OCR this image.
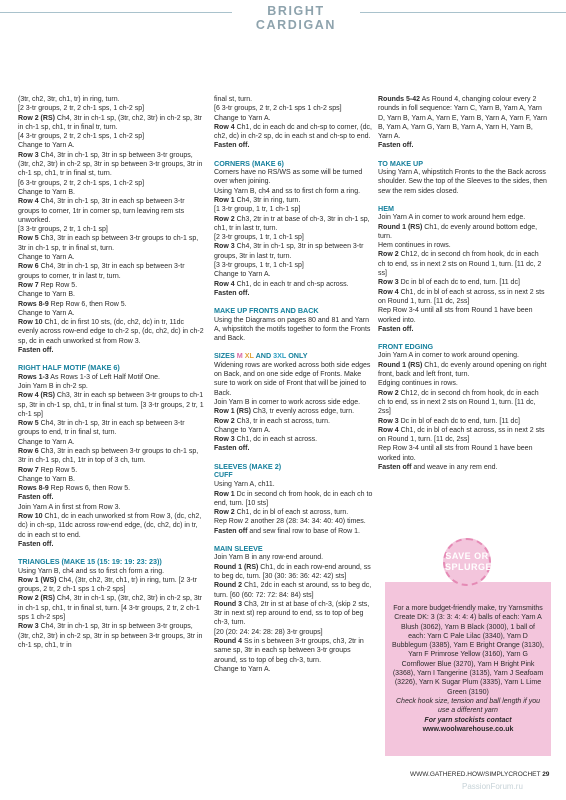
BRIGHT CARDIGAN

(3tr, ch2, 3tr, ch1, tr) in ring, turn.

[2 3-tr groups, 2 tr, 2 ch-1 sps, 1 ch-2 sp]

Row 2 (RS) Ch4, 3tr in ch-1 sp, (3tr, ch2, 3tr) in ch-2 sp, 3tr in ch-1 sp, ch1, tr in final tr, turn.

[4 3-tr groups, 2 tr, 2 ch-1 sps, 1 ch-2 sp]

Change to Yarn A.

Row 3 Ch4, 3tr in ch-1 sp, 3tr in sp between 3-tr groups, (3tr, ch2, 3tr) in ch-2 sp, 3tr in sp between 3-tr groups, 3tr in ch-1 sp, ch1, tr in final st, turn.

[6 3-tr groups, 2 tr, 2 ch-1 sps, 1 ch-2 sp]

Change to Yarn B.

Row 4 Ch4, 3tr in ch-1 sp, 3tr in each sp between 3-tr groups to corner, 1tr in corner sp, turn leaving rem sts unworked.

[3 3-tr groups, 2 tr, 1 ch-1 sp]

Row 5 Ch3, 3tr in each sp between 3-tr groups to ch-1 sp, 3tr in ch-1 sp, tr in final st, turn.

Change to Yarn A.

Row 6 Ch4, 3tr in ch-1 sp, 3tr in each sp between 3-tr groups to corner, tr in last tr, turn.

Row 7 Rep Row 5.

Change to Yarn B.

Rows 8-9 Rep Row 6, then Row 5.

Change to Yarn A.

Row 10 Ch1, dc in first 10 sts, (dc, ch2, dc) in tr, 11dc evenly across row-end edge to ch-2 sp, (dc, ch2, dc) in ch-2 sp, dc in each unworked st from Row 3.

Fasten off.

RIGHT HALF MOTIF (MAKE 6)

Rows 1-3 As Rows 1-3 of Left Half Motif One.

Join Yarn B in ch-2 sp.

Row 4 (RS) Ch3, 3tr in each sp between 3-tr groups to ch-1 sp, 3tr in ch-1 sp, ch1, tr in final st turn. [3 3-tr groups, 2 tr, 1 ch-1 sp]

Row 5 Ch4, 3tr in ch-1 sp, 3tr in each sp between 3-tr groups to end, tr in final st, turn.

Change to Yarn A.

Row 6 Ch3, 3tr in each sp between 3-tr groups to ch-1 sp, 3tr in ch-1 sp, ch1, 1tr in top of 3 ch, turn.

Row 7 Rep Row 5.

Change to Yarn B.

Rows 8-9 Rep Rows 6, then Row 5.

Fasten off.

Join Yarn A in first st from Row 3.

Row 10 Ch1, dc in each unworked st from Row 3, (dc, ch2, dc) in ch-sp, 11dc across row-end edge, (dc, ch2, dc) in tr, dc in each st to end.

Fasten off.

TRIANGLES (MAKE 15 (15: 19: 19: 23: 23))

Using Yarn B, ch4 and ss to first ch form a ring.

Row 1 (WS) Ch4, (3tr, ch2, 3tr, ch1, tr) in ring, turn. [2 3-tr groups, 2 tr, 2 ch-1 sps 1 ch-2 sps]

Row 2 (RS) Ch4, 3tr in ch-1 sp, (3tr, ch2, 3tr) in ch-2 sp, 3tr in ch-1 sp, ch1, tr in final st, turn. [4 3-tr groups, 2 tr, 2 ch-1 sps 1 ch-2 sps]

Row 3 Ch4, 3tr in ch-1 sp, 3tr in sp between 3-tr groups, (3tr, ch2, 3tr) in ch-2 sp, 3tr in sp between 3-tr groups, 3tr in ch-1 sp, ch1, tr in

final st, turn.

[6 3-tr groups, 2 tr, 2 ch-1 sps 1 ch-2 sps]

Change to Yarn A.

Row 4 Ch1, dc in each dc and ch-sp to corner, (dc, ch2, dc) in ch-2 sp, dc in each st and ch-sp to end.

Fasten off.

CORNERS (MAKE 6)

Corners have no RS/WS as some will be turned over when joining.

Using Yarn B, ch4 and ss to first ch form a ring.

Row 1 Ch4, 3tr in ring, turn.

[1 3-tr group, 1 tr, 1 ch-1 sp]

Row 2 Ch3, 2tr in tr at base of ch-3, 3tr in ch-1 sp, ch1, tr in last tr, turn.

[2 3-tr groups, 1 tr, 1 ch-1 sp]

Row 3 Ch4, 3tr in ch-1 sp, 3tr in sp between 3-tr groups, 3tr in last tr, turn.

[3 3-tr groups, 1 tr, 1 ch-1 sp]

Change to Yarn A.

Row 4 Ch1, dc in each tr and ch-sp across.

Fasten off.

MAKE UP FRONTS AND BACK

Using the Diagrams on pages 80 and 81 and Yarn A, whipstitch the motifs together to form the Fronts and Back.

SIZES M XL AND 3XL ONLY

Widening rows are worked across both side edges on Back, and on one side edge of Fronts. Make sure to work on side of Front that will be joined to Back.

Join Yarn B in corner to work across side edge.

Row 1 (RS) Ch3, tr evenly across edge, turn.

Row 2 Ch3, tr in each st across, turn.

Change to Yarn A.

Row 3 Ch1, dc in each st across.

Fasten off.

SLEEVES (MAKE 2)

CUFF

Using Yarn A, ch11.

Row 1 Dc in second ch from hook, dc in each ch to end, turn. [10 sts]

Row 2 Ch1, dc in bl of each st across, turn.

Rep Row 2 another 28 (28: 34: 34: 40: 40) times.

Fasten off and sew final row to base of Row 1.

MAIN SLEEVE

Join Yarn B in any row-end around.

Round 1 (RS) Ch1, dc in each row-end around, ss to beg dc, turn. [30 (30: 36: 36: 42: 42) sts]

Round 2 Ch1, 2dc in each st around, ss to beg dc, turn. [60 (60: 72: 72: 84: 84) sts]

Round 3 Ch3, 2tr in st at base of ch-3, (skip 2 sts, 3tr in next st) rep around to end, ss to top of beg ch-3, turn.

[20 (20: 24: 24: 28: 28) 3-tr groups]

Round 4 Ss in s between 3-tr groups, ch3, 2tr in same sp, 3tr in each sp between 3-tr groups around, ss to top of beg ch-3, turn.

Change to Yarn A.

Rounds 5-42 As Round 4, changing colour every 2 rounds in foll sequence: Yarn C, Yarn B, Yarn A, Yarn D, Yarn B, Yarn A, Yarn E, Yarn B, Yarn A, Yarn F, Yarn B, Yarn A, Yarn G, Yarn B, Yarn A, Yarn H, Yarn B, Yarn A.

Fasten off.

TO MAKE UP

Using Yarn A, whipstitch Fronts to the the Back across shoulder. Sew the top of the Sleeves to the sides, then sew the rem sides closed.

HEM

Join Yarn A in corner to work around hem edge.

Round 1 (RS) Ch1, dc evenly around bottom edge, turn.

Hem continues in rows.

Row 2 Ch12, dc in second ch from hook, dc in each ch to end, ss in next 2 sts on Round 1, turn. [11 dc, 2 ss]

Row 3 Dc in bl of each dc to end, turn. [11 dc]

Row 4 Ch1, dc in bl of each st across, ss in next 2 sts on Round 1, turn. [11 dc, 2ss]

Rep Row 3-4 until all sts from Round 1 have been worked into.

Fasten off.

FRONT EDGING

Join Yarn A in corner to work around opening.

Round 1 (RS) Ch1, dc evenly around opening on right front, back and left front, turn.

Edging continues in rows.

Row 2 Ch12, dc in second ch from hook, dc in each ch to end, ss in next 2 sts on Round 1, turn. [11 dc, 2ss]

Row 3 Dc in bl of each dc to end, turn. [11 dc]

Row 4 Ch1, dc in bl of each st across, ss in next 2 sts on Round 1, turn. [11 dc, 2ss]

Rep Row 3-4 until all sts from Round 1 have been worked into.

Fasten off and weave in any rem end.

SAVE OR
SPLURGE
For a more budget-friendly make, try Yarnsmiths Create DK: 3 (3: 3: 4: 4: 4) balls of each: Yarn A Blush (3062), Yarn B Black (3000), 1 ball of each: Yarn C Pale Lilac (3340), Yarn D Bubblegum (3385), Yarn E Bright Orange (3130), Yarn F Primrose Yellow (3160), Yarn G Cornflower Blue (3270), Yarn H Bright Pink (3368), Yarn I Tangerine (3135), Yarn J Seafoam (3226), Yarn K Sugar Plum (3335), Yarn L Lime Green (3190)
Check hook size, tension and ball length if you use a different yarn
For yarn stockists contact
www.woolwarehouse.co.uk
WWW.GATHERED.HOW/SIMPLYCROCHET 29
PassionForum.ru
